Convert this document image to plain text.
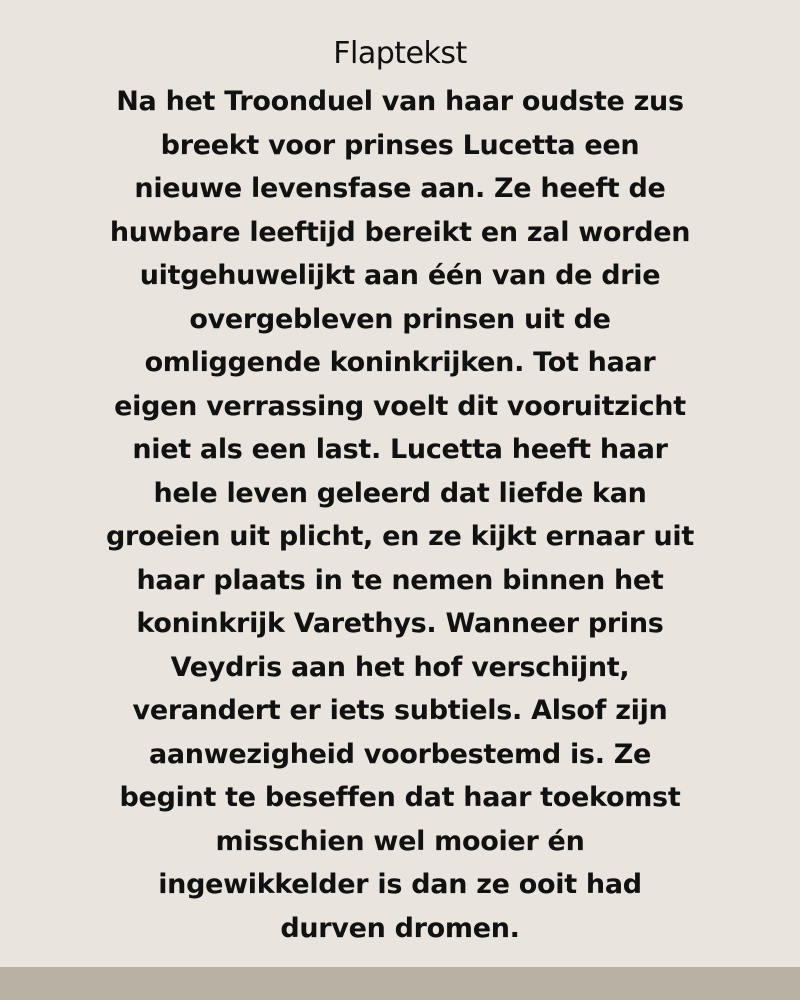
Flaptekst
Na het Troonduel van haar oudste zus
breekt voor prinses Lucetta een
nieuwe levensfase aan. Ze heeft de
huwbare leeftijd bereikt en zal worden
uitgehuwelijkt aan één van de drie
overgebleven prinsen uit de
omliggende koninkrijken. Tot haar
eigen verrassing voelt dit vooruitzicht
niet als een last. Lucetta heeft haar
hele leven geleerd dat liefde kan
groeien uit plicht, en ze kijkt ernaar uit
haar plaats in te nemen binnen het
koninkrijk Varethys. Wanneer prins
Veydris aan het hof verschijnt,
verandert er iets subtiels. Alsof zijn
aanwezigheid voorbestemd is. Ze
begint te beseffen dat haar toekomst
misschien wel mooier én
ingewikkelder is dan ze ooit had
durven dromen.
